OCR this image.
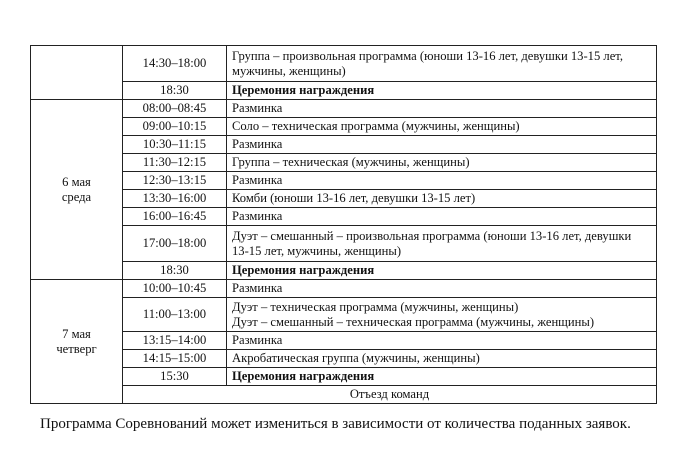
	14:30–18:00	Группа – произвольная программа (юноши 13-16 лет, девушки 13-15 лет, мужчины, женщины)
	18:30	Церемония награждения

6 мая
среда	08:00–08:45	Разминка
	09:00–10:15	Соло – техническая программа (мужчины, женщины)
	10:30–11:15	Разминка
	11:30–12:15	Группа – техническая (мужчины, женщины)
	12:30–13:15	Разминка
	13:30–16:00	Комби (юноши 13-16 лет, девушки 13-15 лет)
	16:00–16:45	Разминка
	17:00–18:00	Дуэт – смешанный – произвольная программа (юноши 13-16 лет, девушки 13-15 лет, мужчины, женщины)
	18:30	Церемония награждения

7 мая
четверг	10:00–10:45	Разминка
	11:00–13:00	Дуэт – техническая программа (мужчины, женщины)
Дуэт – смешанный – техническая программа (мужчины, женщины)

	13:15–14:00	Разминка
	14:15–15:00	Акробатическая группа (мужчины, женщины)
	15:30	Церемония награждения
	Отъезд команд	

Программа Соревнований может измениться в зависимости от количества поданных заявок.
